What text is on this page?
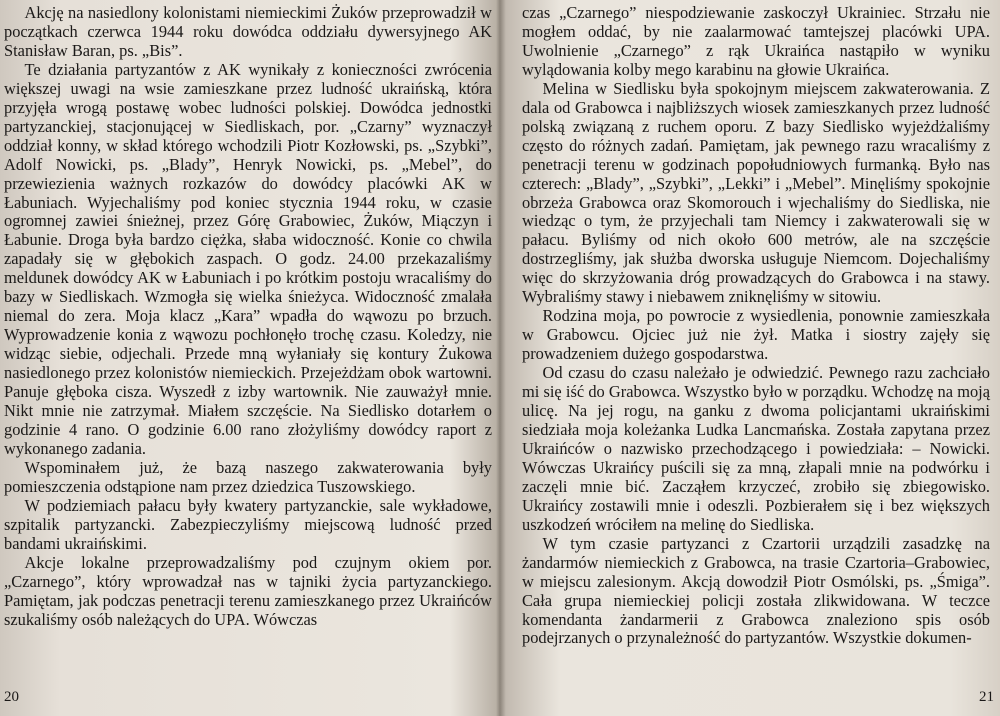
Akcję na nasiedlony kolonistami niemieckimi Żuków przeprowadził w początkach czerwca 1944 roku dowódca oddziału dywersyjnego AK Stanisław Baran, ps. „Bis”.

Te działania partyzantów z AK wynikały z konieczności zwrócenia większej uwagi na wsie zamieszkane przez ludność ukraińską, która przyjęła wrogą postawę wobec ludności polskiej. Dowódca jednostki partyzanckiej, stacjonującej w Siedliskach, por. „Czarny” wyznaczył oddział konny, w skład którego wchodzili Piotr Kozłowski, ps. „Szybki”, Adolf Nowicki, ps. „Blady”, Henryk Nowicki, ps. „Mebel”, do przewiezienia ważnych rozkazów do dowódcy placówki AK w Łabuniach. Wyjechaliśmy pod koniec stycznia 1944 roku, w czasie ogromnej zawiei śnieżnej, przez Górę Grabowiec, Żuków, Miączyn i Łabunie. Droga była bardzo ciężka, słaba widoczność. Konie co chwila zapadały się w głębokich zaspach. O godz. 24.00 przekazaliśmy meldunek dowódcy AK w Łabuniach i po krótkim postoju wracaliśmy do bazy w Siedliskach. Wzmogła się wielka śnieżyca. Widoczność zmalała niemal do zera. Moja klacz „Kara” wpadła do wąwozu po brzuch. Wyprowadzenie konia z wąwozu pochłonęło trochę czasu. Koledzy, nie widząc siebie, odjechali. Przede mną wyłaniały się kontury Żukowa nasiedlonego przez kolonistów niemieckich. Przejeżdżam obok wartowni. Panuje głęboka cisza. Wyszedł z izby wartownik. Nie zauważył mnie. Nikt mnie nie zatrzymał. Miałem szczęście. Na Siedlisko dotarłem o godzinie 4 rano. O godzinie 6.00 rano złożyliśmy dowódcy raport z wykonanego zadania.

Wspominałem już, że bazą naszego zakwaterowania były pomieszczenia odstąpione nam przez dziedzica Tuszowskiego.

W podziemiach pałacu były kwatery partyzanckie, sale wykładowe, szpitalik partyzancki. Zabezpieczyliśmy miejscową ludność przed bandami ukraińskimi.

Akcje lokalne przeprowadzaliśmy pod czujnym okiem por. „Czarnego”, który wprowadzał nas w tajniki życia partyzanckiego. Pamiętam, jak podczas penetracji terenu zamieszkanego przez Ukraińców szukaliśmy osób należących do UPA. Wówczas

20

czas „Czarnego” niespodziewanie zaskoczył Ukrainiec. Strzału nie mogłem oddać, by nie zaalarmować tamtejszej placówki UPA. Uwolnienie „Czarnego” z rąk Ukraińca nastąpiło w wyniku wylądowania kolby mego karabinu na głowie Ukraińca.

Melina w Siedlisku była spokojnym miejscem zakwaterowania. Z dala od Grabowca i najbliższych wiosek zamieszkanych przez ludność polską związaną z ruchem oporu. Z bazy Siedlisko wyjeżdżaliśmy często do różnych zadań. Pamiętam, jak pewnego razu wracaliśmy z penetracji terenu w godzinach popołudniowych furmanką. Było nas czterech: „Blady”, „Szybki”, „Lekki” i „Mebel”. Minęliśmy spokojnie obrzeża Grabowca oraz Skomorouch i wjechaliśmy do Siedliska, nie wiedząc o tym, że przyjechali tam Niemcy i zakwaterowali się w pałacu. Byliśmy od nich około 600 metrów, ale na szczęście dostrzegliśmy, jak służba dworska usługuje Niemcom. Dojechaliśmy więc do skrzyżowania dróg prowadzących do Grabowca i na stawy. Wybraliśmy stawy i niebawem zniknęliśmy w sitowiu.

Rodzina moja, po powrocie z wysiedlenia, ponownie zamieszkała w Grabowcu. Ojciec już nie żył. Matka i siostry zajęły się prowadzeniem dużego gospodarstwa.

Od czasu do czasu należało je odwiedzić. Pewnego razu zachciało mi się iść do Grabowca. Wszystko było w porządku. Wchodzę na moją ulicę. Na jej rogu, na ganku z dwoma policjantami ukraińskimi siedziała moja koleżanka Ludka Lancmańska. Została zapytana przez Ukraińców o nazwisko przechodzącego i powiedziała: – Nowicki. Wówczas Ukraińcy puścili się za mną, złapali mnie na podwórku i zaczęli mnie bić. Zacząłem krzyczeć, zrobiło się zbiegowisko. Ukraińcy zostawili mnie i odeszli. Pozbierałem się i bez większych uszkodzeń wróciłem na melinę do Siedliska.

W tym czasie partyzanci z Czartorii urządzili zasadzkę na żandarmów niemieckich z Grabowca, na trasie Czartoria–Grabowiec, w miejscu zalesionym. Akcją dowodził Piotr Osmólski, ps. „Śmiga”. Cała grupa niemieckiej policji została zlikwidowana. W teczce komendanta żandarmerii z Grabowca znaleziono spis osób podejrzanych o przynależność do partyzantów. Wszystkie dokumen-

21
